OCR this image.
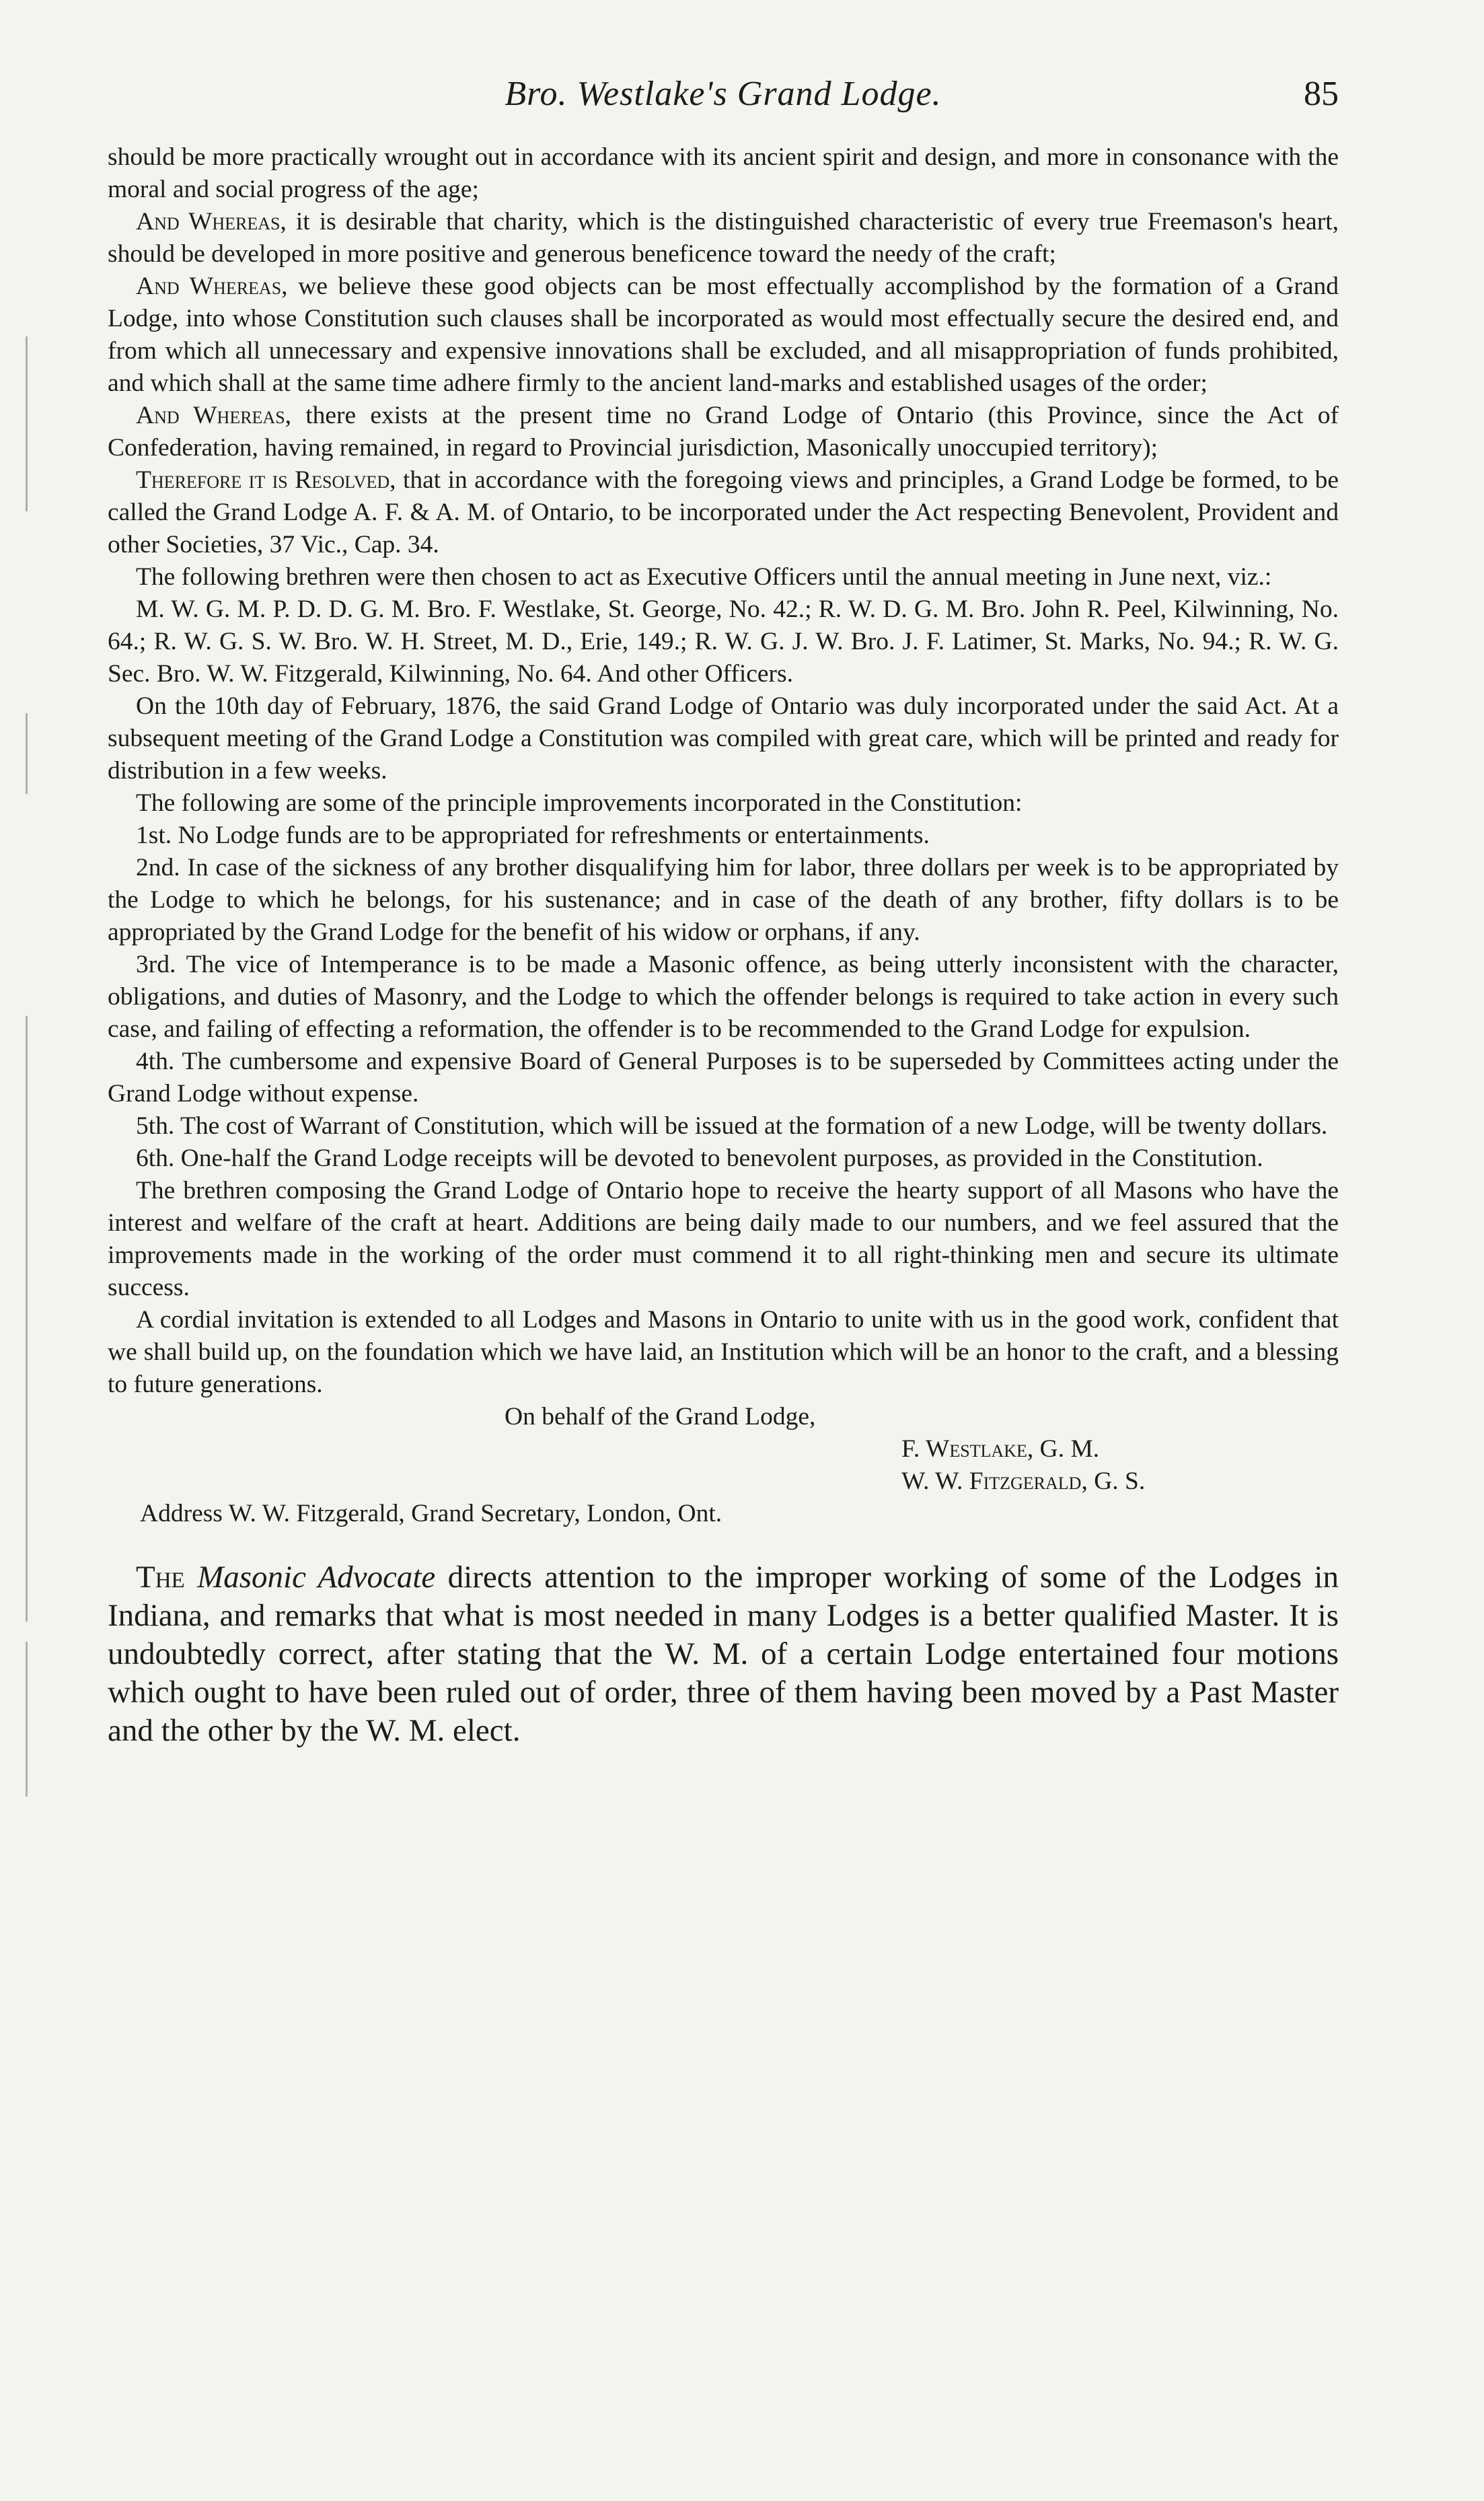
Bro. Westlake's Grand Lodge.	85

should be more practically wrought out in accordance with its ancient spirit and design, and more in consonance with the moral and social progress of the age;

And Whereas, it is desirable that charity, which is the distinguished characteristic of every true Freemason's heart, should be developed in more positive and generous beneficence toward the needy of the craft;

And Whereas, we believe these good objects can be most effectually accomplishod by the formation of a Grand Lodge, into whose Constitution such clauses shall be incorporated as would most effectually secure the desired end, and from which all unnecessary and expensive innovations shall be excluded, and all misappropriation of funds prohibited, and which shall at the same time adhere firmly to the ancient land-marks and established usages of the order;

And Whereas, there exists at the present time no Grand Lodge of Ontario (this Province, since the Act of Confederation, having remained, in regard to Provincial jurisdiction, Masonically unoccupied territory);

Therefore it is Resolved, that in accordance with the foregoing views and principles, a Grand Lodge be formed, to be called the Grand Lodge A. F. & A. M. of Ontario, to be incorporated under the Act respecting Benevolent, Provident and other Societies, 37 Vic., Cap. 34.

The following brethren were then chosen to act as Executive Officers until the annual meeting in June next, viz.:

M. W. G. M. P. D. D. G. M. Bro. F. Westlake, St. George, No. 42.; R. W. D. G. M. Bro. John R. Peel, Kilwinning, No. 64.; R. W. G. S. W. Bro. W. H. Street, M. D., Erie, 149.; R. W. G. J. W. Bro. J. F. Latimer, St. Marks, No. 94.; R. W. G. Sec. Bro. W. W. Fitzgerald, Kilwinning, No. 64. And other Officers.

On the 10th day of February, 1876, the said Grand Lodge of Ontario was duly incorporated under the said Act. At a subsequent meeting of the Grand Lodge a Constitution was compiled with great care, which will be printed and ready for distribution in a few weeks.

The following are some of the principle improvements incorporated in the Constitution:

1st. No Lodge funds are to be appropriated for refreshments or entertainments.

2nd. In case of the sickness of any brother disqualifying him for labor, three dollars per week is to be appropriated by the Lodge to which he belongs, for his sustenance; and in case of the death of any brother, fifty dollars is to be appropriated by the Grand Lodge for the benefit of his widow or orphans, if any.

3rd. The vice of Intemperance is to be made a Masonic offence, as being utterly inconsistent with the character, obligations, and duties of Masonry, and the Lodge to which the offender belongs is required to take action in every such case, and failing of effecting a reformation, the offender is to be recommended to the Grand Lodge for expulsion.

4th. The cumbersome and expensive Board of General Purposes is to be superseded by Committees acting under the Grand Lodge without expense.

5th. The cost of Warrant of Constitution, which will be issued at the formation of a new Lodge, will be twenty dollars.

6th. One-half the Grand Lodge receipts will be devoted to benevolent purposes, as provided in the Constitution.

The brethren composing the Grand Lodge of Ontario hope to receive the hearty support of all Masons who have the interest and welfare of the craft at heart. Additions are being daily made to our numbers, and we feel assured that the improvements made in the working of the order must commend it to all right-thinking men and secure its ultimate success.

A cordial invitation is extended to all Lodges and Masons in Ontario to unite with us in the good work, confident that we shall build up, on the foundation which we have laid, an Institution which will be an honor to the craft, and a blessing to future generations.

On behalf of the Grand Lodge,
F. Westlake, G. M.
W. W. Fitzgerald, G. S.
Address W. W. Fitzgerald, Grand Secretary, London, Ont.

The Masonic Advocate directs attention to the improper working of some of the Lodges in Indiana, and remarks that what is most needed in many Lodges is a better qualified Master. It is undoubtedly correct, after stating that the W. M. of a certain Lodge entertained four motions which ought to have been ruled out of order, three of them having been moved by a Past Master and the other by the W. M. elect.
